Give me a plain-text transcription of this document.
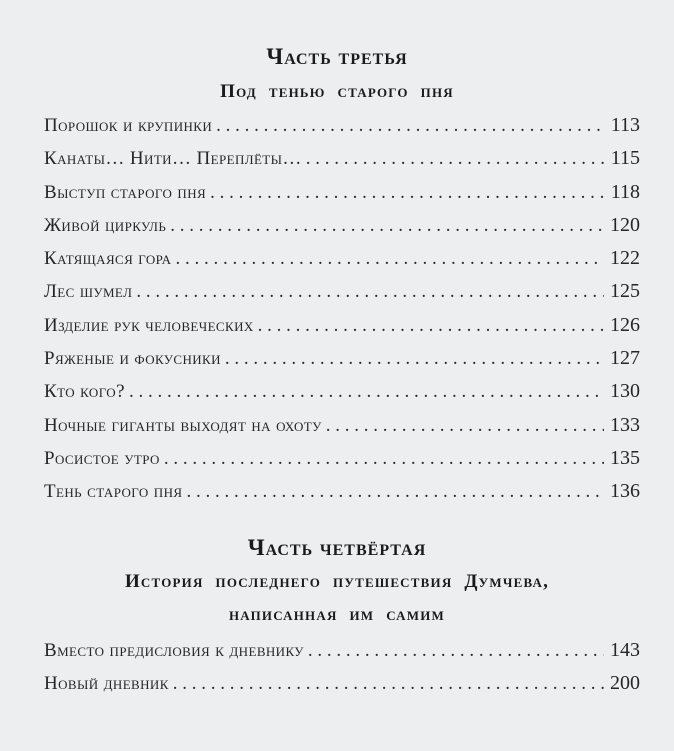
Часть третья
Под тенью старого пня
Порошок и крупинки . . .	113
Канаты… Нити… Переплёты… . . .	115
Выступ старого пня . . .	118
Живой циркуль . . .	120
Катящаяся гора . . .	122
Лес шумел . . .	125
Изделие рук человеческих . . .	126
Ряженые и фокусники . . .	127
Кто кого? . . .	130
Ночные гиганты выходят на охоту . . .	133
Росистое утро . . .	135
Тень старого пня . . .	136
Часть четвёртая
История последнего путешествия Думчева,
написанная им самим
Вместо предисловия к дневнику . . .	143
Новый дневник . . .	200
